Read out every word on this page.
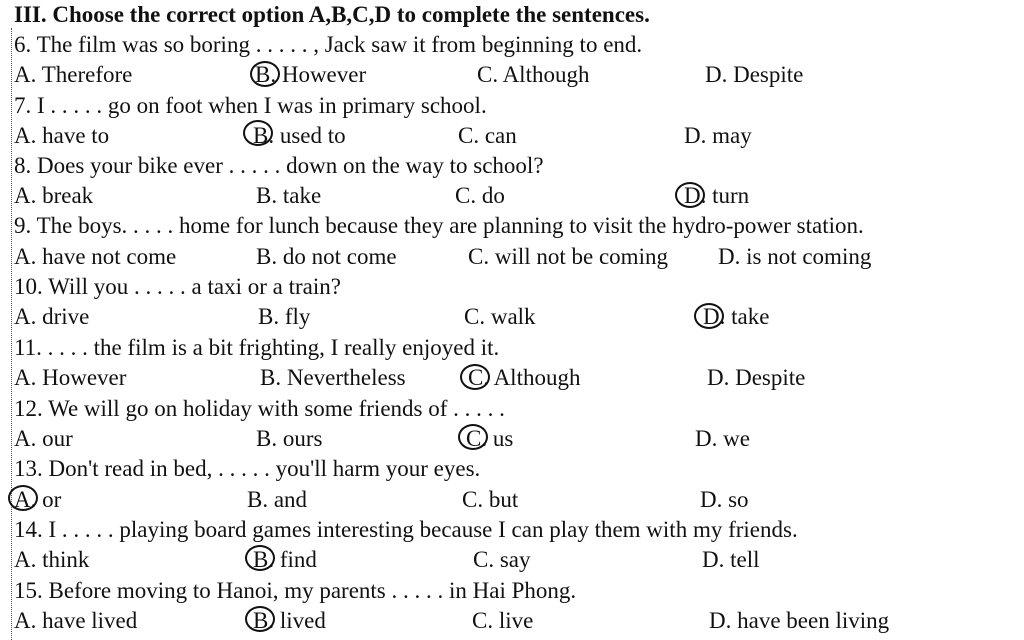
III. Choose the correct option A,B,C,D to complete the sentences.
6. The film was so boring . . . . . , Jack saw it from beginning to end.
A. Therefore	B. However	C. Although	D. Despite
7. I . . . . . go on foot when I was in primary school.
A. have to	B. used to	C. can	D. may
8. Does your bike ever . . . . . down on the way to school?
A. break	B. take	C. do	D. turn
9. The boys. . . . . home for lunch because they are planning to visit the hydro-power station.
A. have not come	B. do not come	C. will not be coming D. is not coming
10. Will you . . . . . a taxi or a train?
A. drive	B. fly	C. walk	D. take
11. . . . . the film is a bit frighting, I really enjoyed it.
A. However	B. Nevertheless	C. Although	D. Despite
12. We will go on holiday with some friends of . . . . .
A. our	B. ours	C. us	D. we
13. Don't read in bed, . . . . . you'll harm your eyes.
A. or	B. and	C. but	D. so
14. I . . . . . playing board games interesting because I can play them with my friends.
A. think	B. find	C. say	D. tell
15. Before moving to Hanoi, my parents . . . . . in Hai Phong.
A. have lived	B. lived	C. live	D. have been living
